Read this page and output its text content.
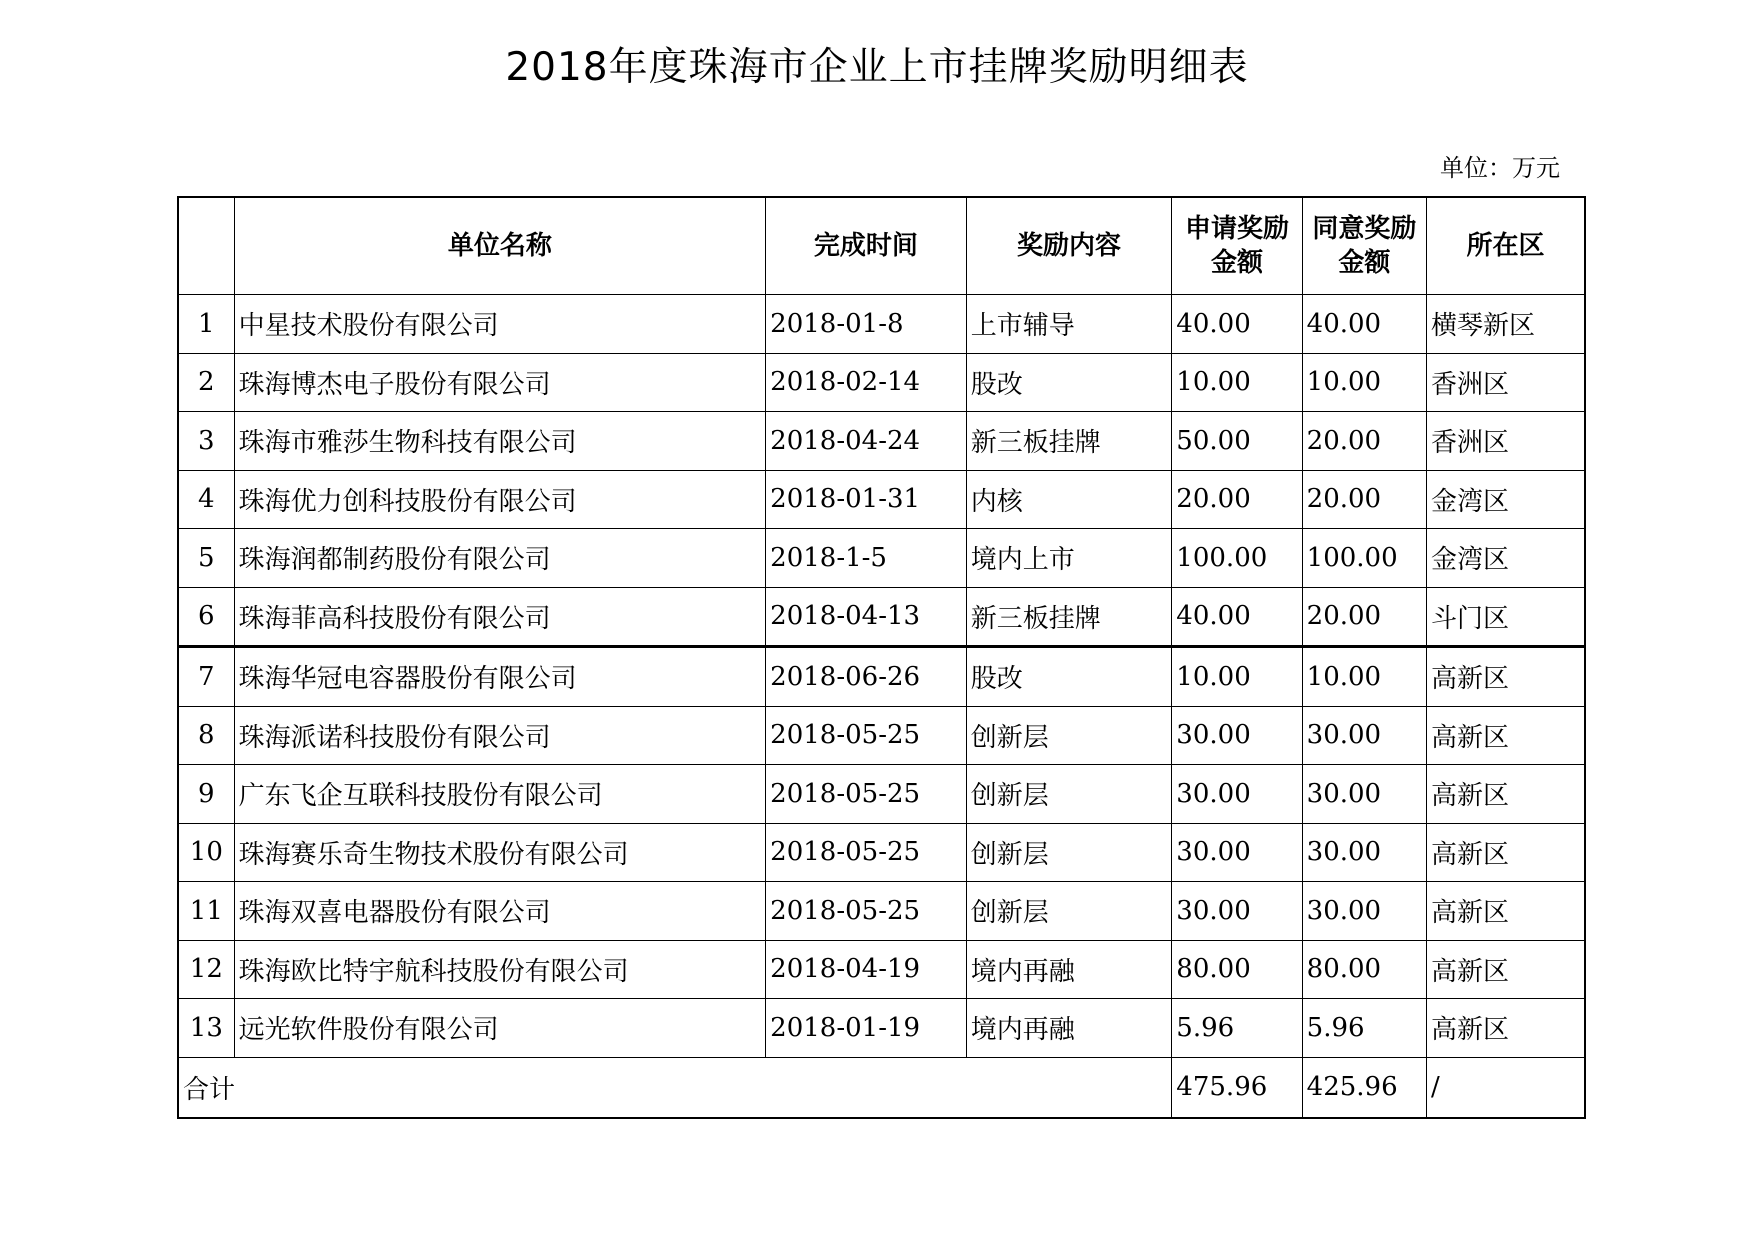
2018年度珠海市企业上市挂牌奖励明细表
单位：万元
	单位名称	完成时间	奖励内容	申请奖励金额	同意奖励金额	所在区
1	中星技术股份有限公司	2018-01-8	上市辅导	40.00	40.00	横琴新区
2	珠海博杰电子股份有限公司	2018-02-14	股改	10.00	10.00	香洲区
3	珠海市雅莎生物科技有限公司	2018-04-24	新三板挂牌	50.00	20.00	香洲区
4	珠海优力创科技股份有限公司	2018-01-31	内核	20.00	20.00	金湾区
5	珠海润都制药股份有限公司	2018-1-5	境内上市	100.00	100.00	金湾区
6	珠海菲高科技股份有限公司	2018-04-13	新三板挂牌	40.00	20.00	斗门区
7	珠海华冠电容器股份有限公司	2018-06-26	股改	10.00	10.00	高新区
8	珠海派诺科技股份有限公司	2018-05-25	创新层	30.00	30.00	高新区
9	广东飞企互联科技股份有限公司	2018-05-25	创新层	30.00	30.00	高新区
10	珠海赛乐奇生物技术股份有限公司	2018-05-25	创新层	30.00	30.00	高新区
11	珠海双喜电器股份有限公司	2018-05-25	创新层	30.00	30.00	高新区
12	珠海欧比特宇航科技股份有限公司	2018-04-19	境内再融	80.00	80.00	高新区
13	远光软件股份有限公司	2018-01-19	境内再融	5.96	5.96	高新区
合计				475.96	425.96	/
